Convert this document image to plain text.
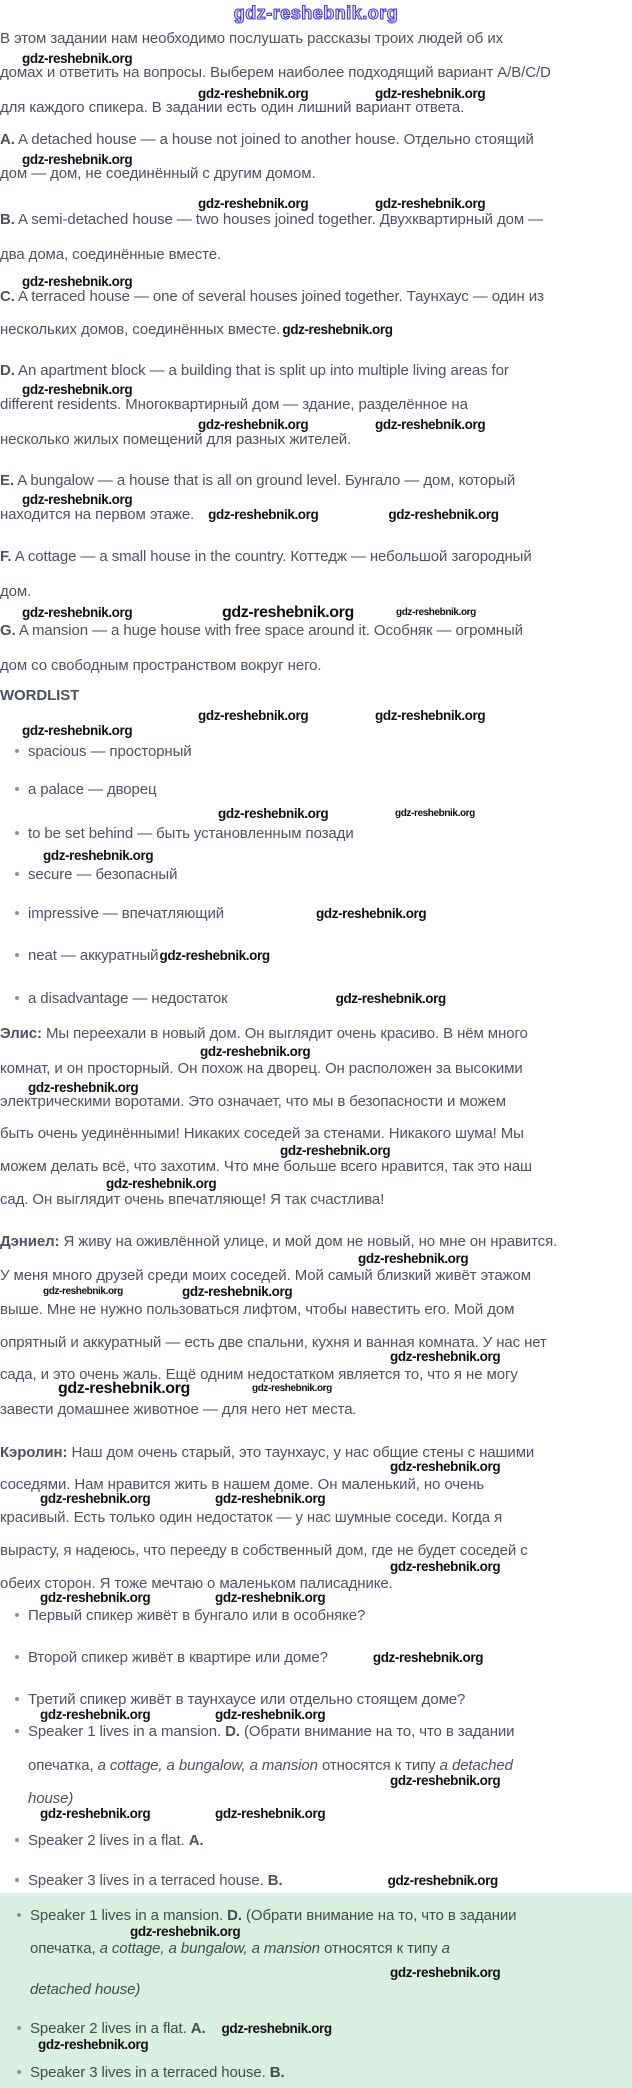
gdz-reshebnik.org
В этом задании нам необходимо послушать рассказы троих людей об их
gdz-reshebnik.org
домах и ответить на вопросы. Выберем наиболее подходящий вариант A/B/C/D
gdz-reshebnik.org	gdz-reshebnik.org
для каждого спикера. В задании есть один лишний вариант ответа.
A. A detached house — a house not joined to another house. Отдельно стоящий
gdz-reshebnik.org
дом — дом, не соединённый с другим домом.
gdz-reshebnik.org	gdz-reshebnik.org
B. A semi-detached house — two houses joined together. Двухквартирный дом —
два дома, соединённые вместе.
gdz-reshebnik.org
C. A terraced house — one of several houses joined together. Таунхаус — один из
нескольких домов, соединённых вместе. gdz-reshebnik.org
D. An apartment block — a building that is split up into multiple living areas for
gdz-reshebnik.org
different residents. Многоквартирный дом — здание, разделённое на
gdz-reshebnik.org	gdz-reshebnik.org
несколько жилых помещений для разных жителей.
E. A bungalow — a house that is all on ground level. Бунгало — дом, который
gdz-reshebnik.org
находится на первом этаже. gdz-reshebnik.org	gdz-reshebnik.org
F. A cottage — a small house in the country. Коттедж — небольшой загородный
дом.
gdz-reshebnik.org	gdz-reshebnik.org	gdz-reshebnik.org
G. A mansion — a huge house with free space around it. Особняк — огромный
дом со свободным пространством вокруг него.
WORDLIST
gdz-reshebnik.org	gdz-reshebnik.org
gdz-reshebnik.org
spacious — просторный
a palace — дворец
gdz-reshebnik.org	gdz-reshebnik.org
to be set behind — быть установленным позади
gdz-reshebnik.org
secure — безопасный
impressive — впечатляющий	gdz-reshebnik.org
neat — аккуратныйgdz-reshebnik.org
a disadvantage — недостаток	gdz-reshebnik.org
Элис: Мы переехали в новый дом. Он выглядит очень красиво. В нём много
gdz-reshebnik.org
комнат, и он просторный. Он похож на дворец. Он расположен за высокими
gdz-reshebnik.org
электрическими воротами. Это означает, что мы в безопасности и можем
быть очень уединёнными! Никаких соседей за стенами. Никакого шума! Мы
gdz-reshebnik.org
можем делать всё, что захотим. Что мне больше всего нравится, так это наш
gdz-reshebnik.org
сад. Он выглядит очень впечатляюще! Я так счастлива!
Дэниел: Я живу на оживлённой улице, и мой дом не новый, но мне он нравится.
gdz-reshebnik.org
У меня много друзей среди моих соседей. Мой самый близкий живёт этажом
gdz-reshebnik.org	gdz-reshebnik.org
выше. Мне не нужно пользоваться лифтом, чтобы навестить его. Мой дом
опрятный и аккуратный — есть две спальни, кухня и ванная комната. У нас нет
gdz-reshebnik.org
сада, и это очень жаль. Ещё одним недостатком является то, что я не могу
gdz-reshebnik.org	gdz-reshebnik.org
завести домашнее животное — для него нет места.
Кэролин: Наш дом очень старый, это таунхаус, у нас общие стены с нашими
gdz-reshebnik.org
соседями. Нам нравится жить в нашем доме. Он маленький, но очень
gdz-reshebnik.org	gdz-reshebnik.org
красивый. Есть только один недостаток — у нас шумные соседи. Когда я
вырасту, я надеюсь, что перееду в собственный дом, где не будет соседей с
gdz-reshebnik.org
обеих сторон. Я тоже мечтаю о маленьком палисаднике.
gdz-reshebnik.org	gdz-reshebnik.org
Первый спикер живёт в бунгало или в особняке?
Второй спикер живёт в квартире или доме?	gdz-reshebnik.org
Третий спикер живёт в таунхаусе или отдельно стоящем доме?
gdz-reshebnik.org	gdz-reshebnik.org
Speaker 1 lives in a mansion. D. (Обрати внимание на то, что в задании
опечатка, a cottage, a bungalow, a mansion относятся к типу a detached
gdz-reshebnik.org
house)
gdz-reshebnik.org	gdz-reshebnik.org
Speaker 2 lives in a flat. A.
Speaker 3 lives in a terraced house. B.	gdz-reshebnik.org
Speaker 1 lives in a mansion. D. (Обрати внимание на то, что в задании
gdz-reshebnik.org
опечатка, a cottage, a bungalow, a mansion относятся к типу a
gdz-reshebnik.org
detached house)
Speaker 2 lives in a flat. A. gdz-reshebnik.org
gdz-reshebnik.org
Speaker 3 lives in a terraced house. B.
